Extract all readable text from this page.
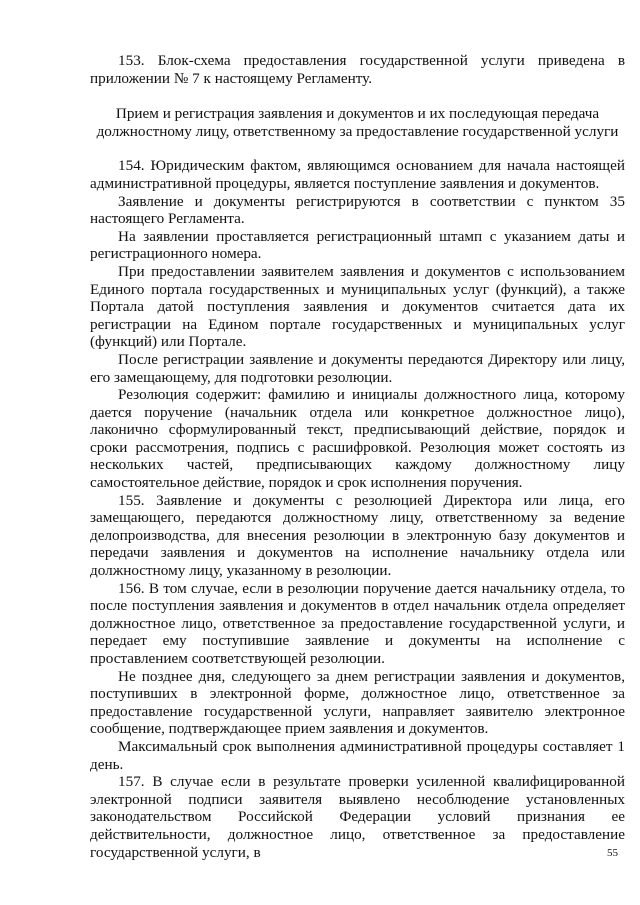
153. Блок-схема предоставления государственной услуги приведена в приложении № 7 к настоящему Регламенту.

Прием и регистрация заявления и документов и их последующая передача должностному лицу, ответственному за предоставление государственной услуги

154. Юридическим фактом, являющимся основанием для начала настоящей административной процедуры, является поступление заявления и документов.

Заявление и документы регистрируются в соответствии с пунктом 35 настоящего Регламента.

На заявлении проставляется регистрационный штамп с указанием даты и регистрационного номера.

При предоставлении заявителем заявления и документов с использованием Единого портала государственных и муниципальных услуг (функций), а также Портала датой поступления заявления и документов считается дата их регистрации на Едином портале государственных и муниципальных услуг (функций) или Портале.

После регистрации заявление и документы передаются Директору или лицу, его замещающему, для подготовки резолюции.

Резолюция содержит: фамилию и инициалы должностного лица, которому дается поручение (начальник отдела или конкретное должностное лицо), лаконично сформулированный текст, предписывающий действие, порядок и сроки рассмотрения, подпись с расшифровкой. Резолюция может состоять из нескольких частей, предписывающих каждому должностному лицу самостоятельное действие, порядок и срок исполнения поручения.

155. Заявление и документы с резолюцией Директора или лица, его замещающего, передаются должностному лицу, ответственному за ведение делопроизводства, для внесения резолюции в электронную базу документов и передачи заявления и документов на исполнение начальнику отдела или должностному лицу, указанному в резолюции.

156. В том случае, если в резолюции поручение дается начальнику отдела, то после поступления заявления и документов в отдел начальник отдела определяет должностное лицо, ответственное за предоставление государственной услуги, и передает ему поступившие заявление и документы на исполнение с проставлением соответствующей резолюции.

Не позднее дня, следующего за днем регистрации заявления и документов, поступивших в электронной форме, должностное лицо, ответственное за предоставление государственной услуги, направляет заявителю электронное сообщение, подтверждающее прием заявления и документов.

Максимальный срок выполнения административной процедуры составляет 1 день.

157. В случае если в результате проверки усиленной квалифицированной электронной подписи заявителя выявлено несоблюдение установленных законодательством Российской Федерации условий признания ее действительности, должностное лицо, ответственное за предоставление государственной услуги, в	55
